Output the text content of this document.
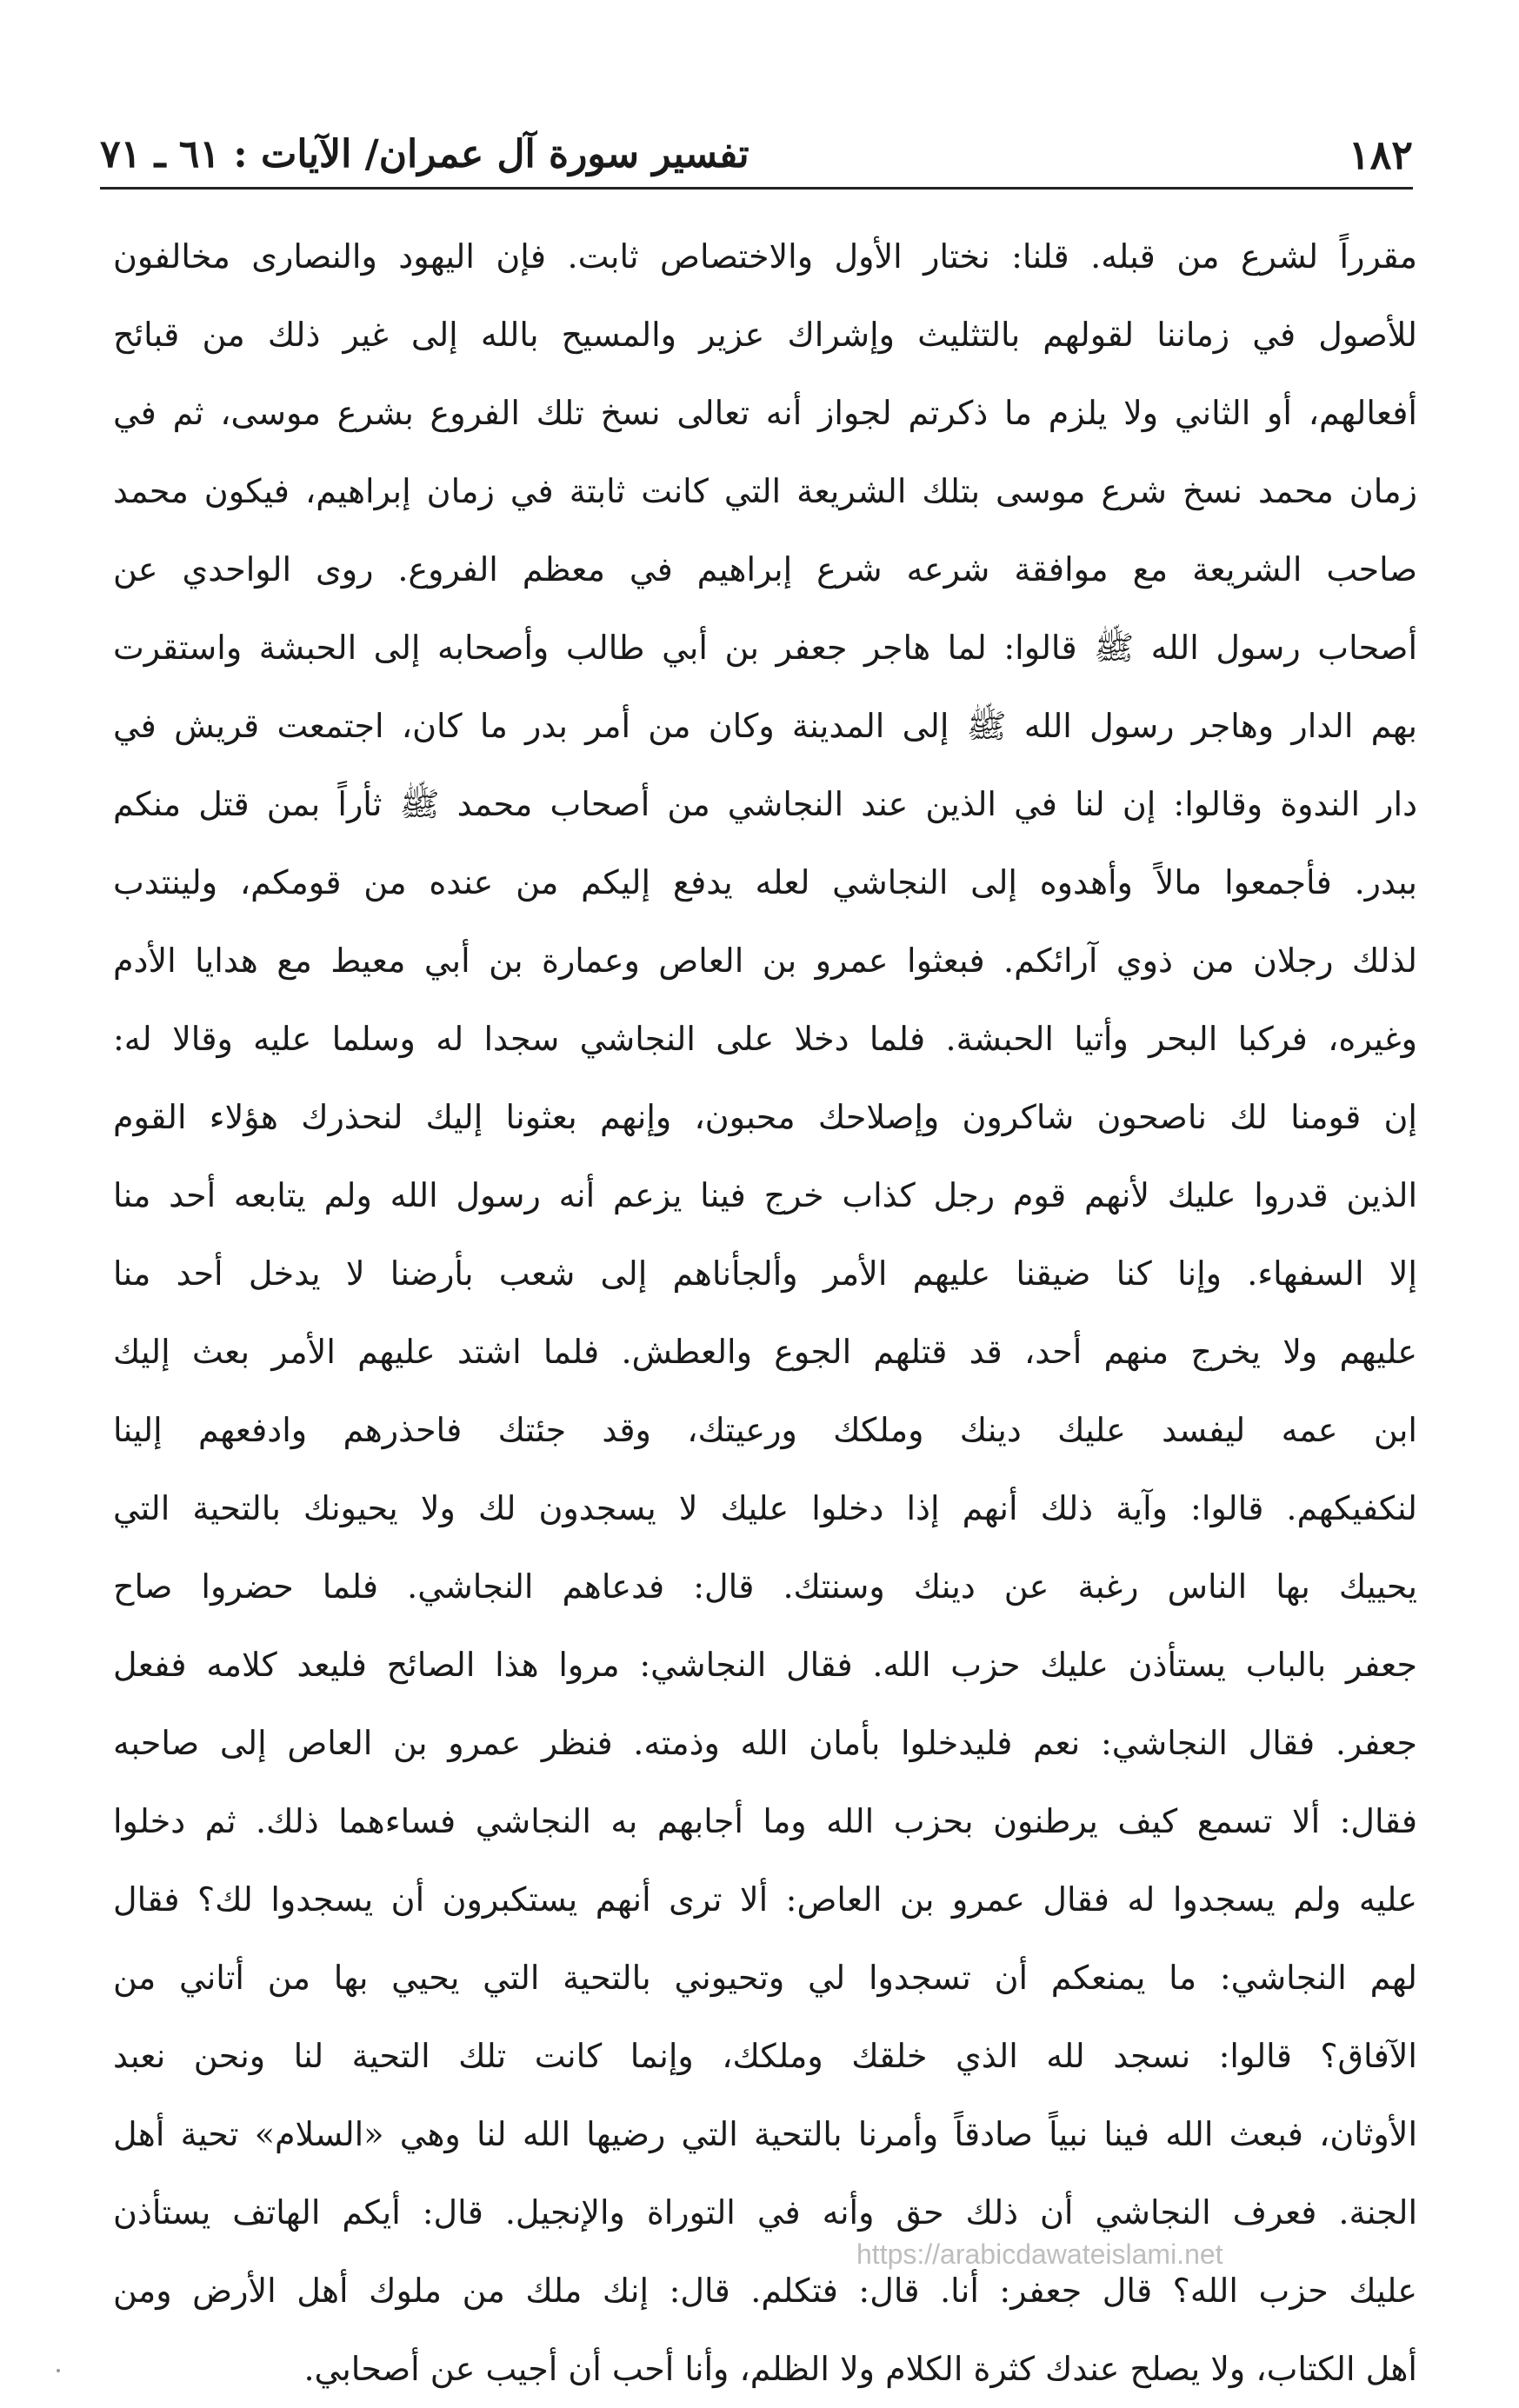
١٨٢
تفسير سورة آل عمران/ الآيات : ٦١ ـ ٧١
مقرراً لشرع من قبله. قلنا: نختار الأول والاختصاص ثابت. فإن اليهود والنصارى مخالفون
للأصول في زماننا لقولهم بالتثليث وإشراك عزير والمسيح بالله إلى غير ذلك من قبائح
أفعالهم، أو الثاني ولا يلزم ما ذكرتم لجواز أنه تعالى نسخ تلك الفروع بشرع موسى، ثم في
زمان محمد نسخ شرع موسى بتلك الشريعة التي كانت ثابتة في زمان إبراهيم، فيكون محمد
صاحب الشريعة مع موافقة شرعه شرع إبراهيم في معظم الفروع. روى الواحدي عن
أصحاب رسول الله ﷺ قالوا: لما هاجر جعفر بن أبي طالب وأصحابه إلى الحبشة واستقرت
بهم الدار وهاجر رسول الله ﷺ إلى المدينة وكان من أمر بدر ما كان، اجتمعت قريش في
دار الندوة وقالوا: إن لنا في الذين عند النجاشي من أصحاب محمد ﷺ ثأراً بمن قتل منكم
ببدر. فأجمعوا مالاً وأهدوه إلى النجاشي لعله يدفع إليكم من عنده من قومكم، ولينتدب
لذلك رجلان من ذوي آرائكم. فبعثوا عمرو بن العاص وعمارة بن أبي معيط مع هدايا الأدم
وغيره، فركبا البحر وأتيا الحبشة. فلما دخلا على النجاشي سجدا له وسلما عليه وقالا له:
إن قومنا لك ناصحون شاكرون وإصلاحك محبون، وإنهم بعثونا إليك لنحذرك هؤلاء القوم
الذين قدروا عليك لأنهم قوم رجل كذاب خرج فينا يزعم أنه رسول الله ولم يتابعه أحد منا
إلا السفهاء. وإنا كنا ضيقنا عليهم الأمر وألجأناهم إلى شعب بأرضنا لا يدخل أحد منا
عليهم ولا يخرج منهم أحد، قد قتلهم الجوع والعطش. فلما اشتد عليهم الأمر بعث إليك
ابن عمه ليفسد عليك دينك وملكك ورعيتك، وقد جئتك فاحذرهم وادفعهم إلينا
لنكفيكهم. قالوا: وآية ذلك أنهم إذا دخلوا عليك لا يسجدون لك ولا يحيونك بالتحية التي
يحييك بها الناس رغبة عن دينك وسنتك. قال: فدعاهم النجاشي. فلما حضروا صاح
جعفر بالباب يستأذن عليك حزب الله. فقال النجاشي: مروا هذا الصائح فليعد كلامه ففعل
جعفر. فقال النجاشي: نعم فليدخلوا بأمان الله وذمته. فنظر عمرو بن العاص إلى صاحبه
فقال: ألا تسمع كيف يرطنون بحزب الله وما أجابهم به النجاشي فساءهما ذلك. ثم دخلوا
عليه ولم يسجدوا له فقال عمرو بن العاص: ألا ترى أنهم يستكبرون أن يسجدوا لك؟ فقال
لهم النجاشي: ما يمنعكم أن تسجدوا لي وتحيوني بالتحية التي يحيي بها من أتاني من
الآفاق؟ قالوا: نسجد لله الذي خلقك وملكك، وإنما كانت تلك التحية لنا ونحن نعبد
الأوثان، فبعث الله فينا نبياً صادقاً وأمرنا بالتحية التي رضيها الله لنا وهي «السلام» تحية أهل
الجنة. فعرف النجاشي أن ذلك حق وأنه في التوراة والإنجيل. قال: أيكم الهاتف يستأذن
عليك حزب الله؟ قال جعفر: أنا. قال: فتكلم. قال: إنك ملك من ملوك أهل الأرض ومن
أهل الكتاب، ولا يصلح عندك كثرة الكلام ولا الظلم، وأنا أحب أن أجيب عن أصحابي.
https://arabicdawateislami.net
